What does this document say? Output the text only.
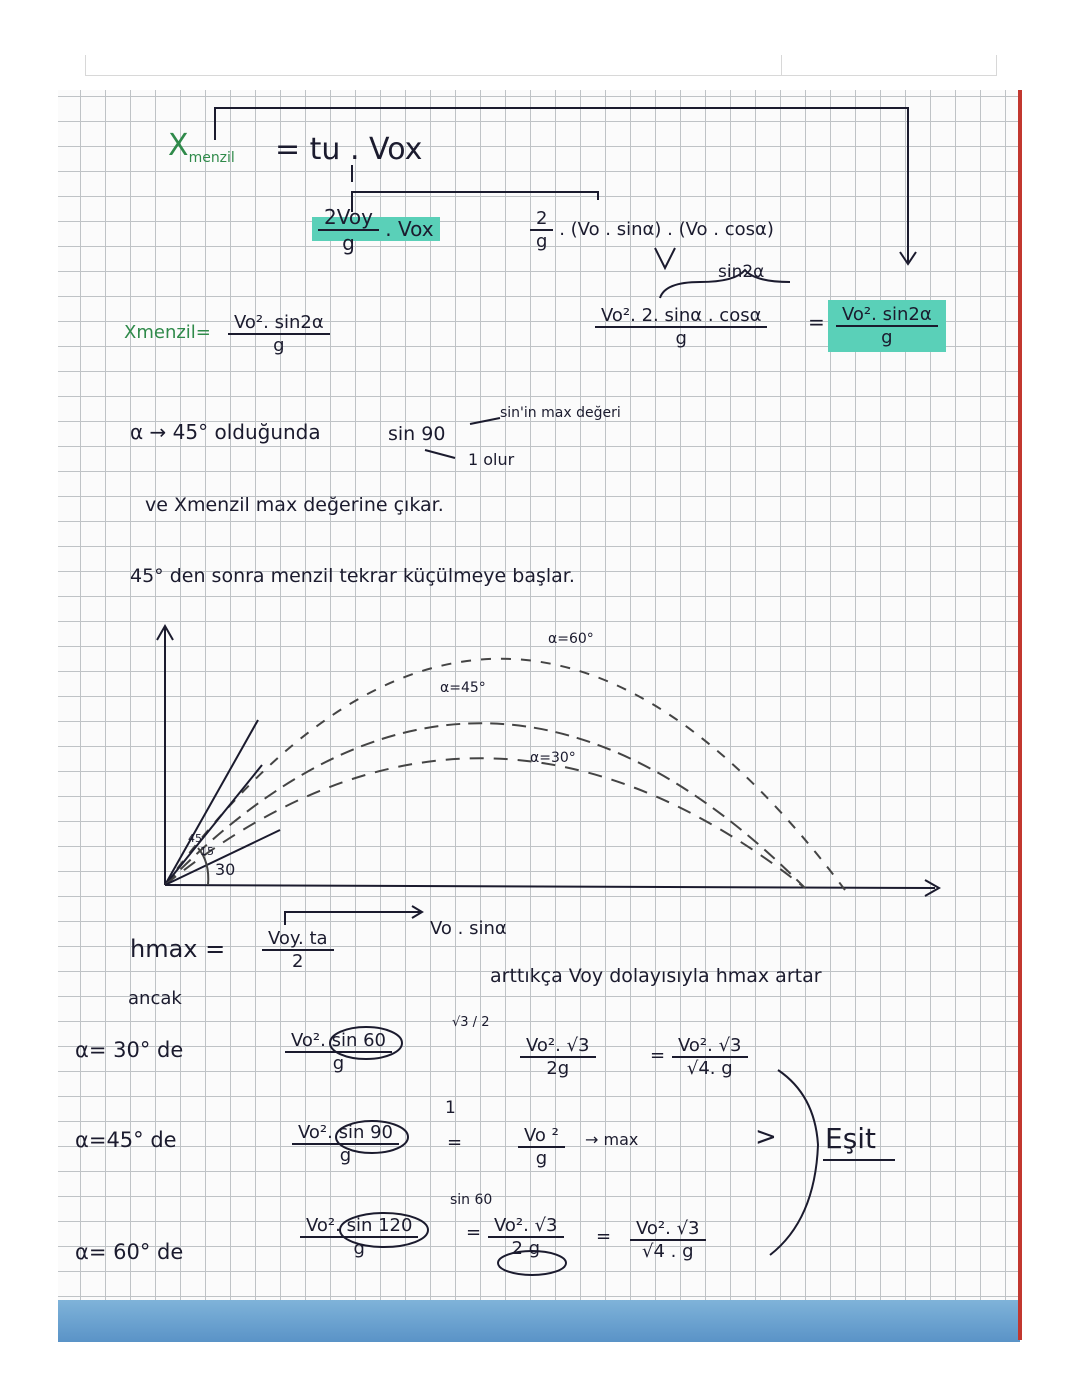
$X_{menzil}$ = tu . Vox
$\frac{\text{2Voy}}{g}$ . Vox	$\frac{2}{g}$ . (Vo . sinα) . (Vo . cosα)
sin2α
$\frac{\text{Vo². 2. sinα . cosα}}{g} = \frac{\text{Vo². sin2α}}{g}$
Xmenzil= $\frac{\text{Vo². sin2α}}{g}$
α → 45° olduğunda	sin 90
sin'in max değeri
1 olur
ve Xmenzil max değerine çıkar.
45° den sonra menzil tekrar küçülmeye başlar.
α=60°
α=45°
α=30°
45
15
30
$hmax = \frac{\text{Voy. ta}}{2}$	Vo . sinα
arttıkça Voy dolayısıyla hmax artar
ancak
α= 30° de	$\frac{\text{Vo². sin 60}}{g}$
√3 / 2
$\frac{\text{Vo². √3}}{2g}$	= $\frac{\text{Vo². √3}}{√4. g}$
α=45° de	$\frac{\text{Vo². sin 90}}{g}$
1
=	$\frac{\text{Vo ²}}{g} \to \max$	> Eşit
α= 60° de	$\frac{\text{Vo². sin 120}}{g}$
sin 60
= $\frac{\text{Vo². √3}}{2 g} = \frac{\text{Vo². √3}}{√4 . g}$
